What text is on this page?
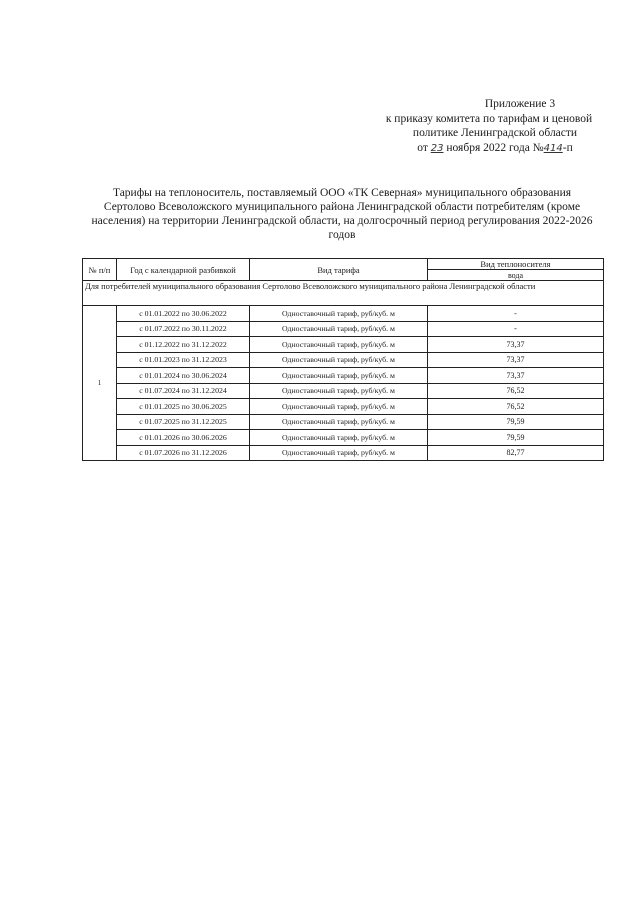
Приложение 3
к приказу комитета по тарифам и ценовой
политике Ленинградской области
от 23 ноября 2022 года №414-п
Тарифы на теплоноситель, поставляемый ООО «ТК Северная» муниципального образования
Сертолово Всеволожского муниципального района Ленинградской области потребителям (кроме
населения) на территории Ленинградской области, на долгосрочный период регулирования 2022-2026
годов
№ п/п	Год с календарной разбивкой	Вид тарифа	Вид теплоносителя
			вода
Для потребителей муниципального образования Сертолово Всеволожского муниципального района Ленинградской области			
1	с 01.01.2022 по 30.06.2022	Одноставочный тариф, руб/куб. м	-
	с 01.07.2022 по 30.11.2022	Одноставочный тариф, руб/куб. м	-
	с 01.12.2022 по 31.12.2022	Одноставочный тариф, руб/куб. м	73,37
	с 01.01.2023 по 31.12.2023	Одноставочный тариф, руб/куб. м	73,37
	с 01.01.2024 по 30.06.2024	Одноставочный тариф, руб/куб. м	73,37
	с 01.07.2024 по 31.12.2024	Одноставочный тариф, руб/куб. м	76,52
	с 01.01.2025 по 30.06.2025	Одноставочный тариф, руб/куб. м	76,52
	с 01.07.2025 по 31.12.2025	Одноставочный тариф, руб/куб. м	79,59
	с 01.01.2026 по 30.06.2026	Одноставочный тариф, руб/куб. м	79,59
	с 01.07.2026 по 31.12.2026	Одноставочный тариф, руб/куб. м	82,77
